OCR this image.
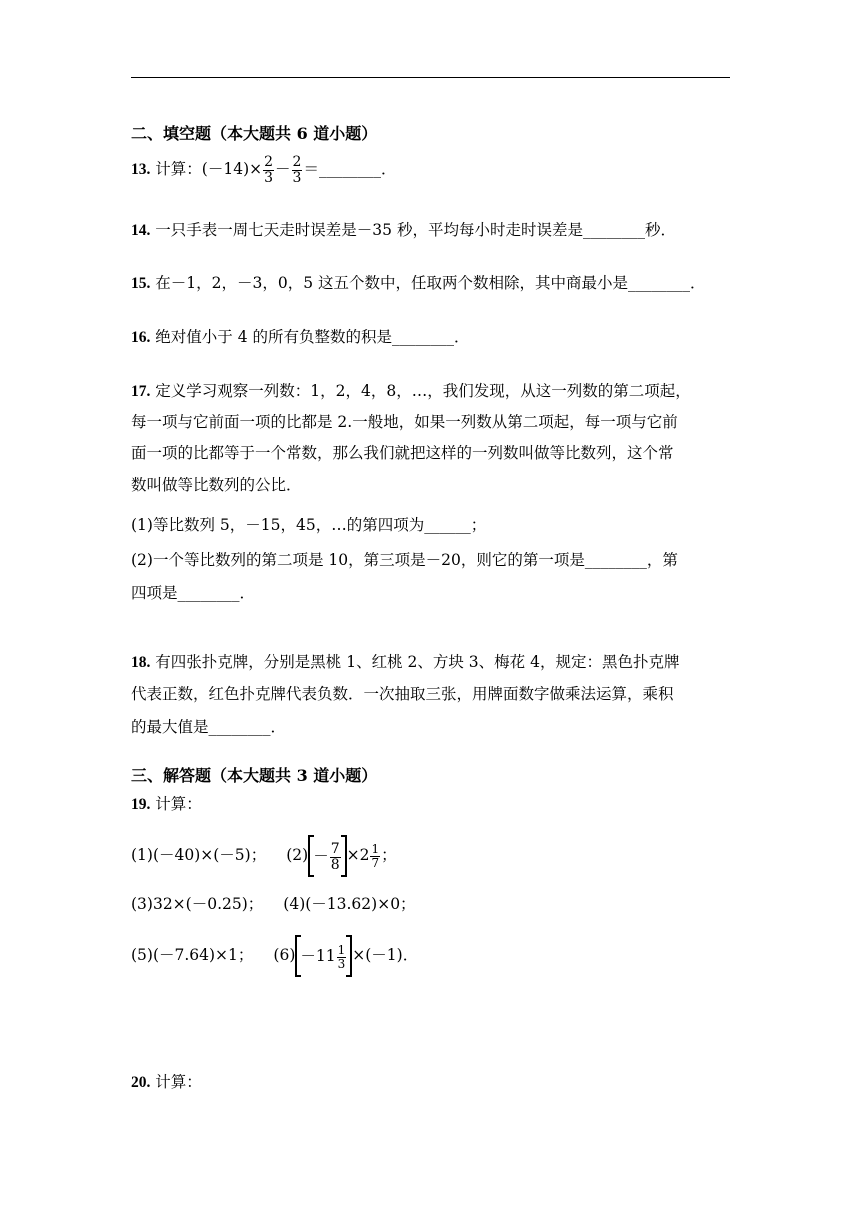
二、填空题（本大题共 6 道小题）
13. 计算：$(-14)\times \frac{2}{3} - \frac{2}{3}$ ＝________．
14. 一只手表一周七天走时误差是－35 秒，平均每小时走时误差是________秒．
15. 在－1，2，－3，0，5 这五个数中，任取两个数相除，其中商最小是________．
16. 绝对值小于 4 的所有负整数的积是________．
17. 定义学习观察一列数：1，2，4，8，…，我们发现，从这一列数的第二项起，
每一项与它前面一项的比都是 2.一般地，如果一列数从第二项起，每一项与它前
面一项的比都等于一个常数，那么我们就把这样的一列数叫做等比数列，这个常
数叫做等比数列的公比．
(1)等比数列 5，－15，45，…的第四项为______；
(2)一个等比数列的第二项是 10，第三项是－20，则它的第一项是________，第
四项是________．
18. 有四张扑克牌，分别是黑桃 1、红桃 2、方块 3、梅花 4，规定：黑色扑克牌
代表正数，红色扑克牌代表负数．一次抽取三张，用牌面数字做乘法运算，乘积
的最大值是________．
三、解答题（本大题共 3 道小题）
19. 计算：
(1)(－40)×(－5)； $(2) - \frac{7}{8} \times 2 \frac{1}{7}$ ；
(3)32×(－0.25)； (4)(－13.62)×0；
(5)(－7.64)×1； $(6) -11 \frac{1}{3} \times(-1)$．
20. 计算：
